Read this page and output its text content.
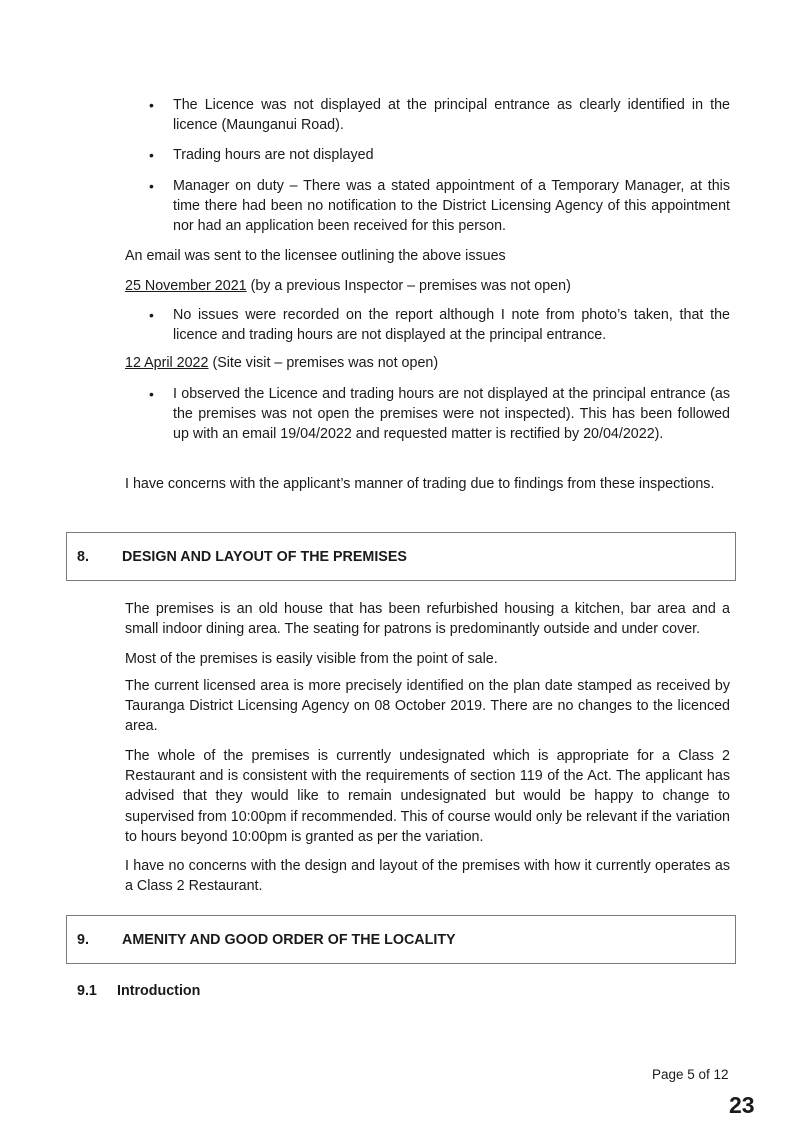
• The Licence was not displayed at the principal entrance as clearly identified in the licence (Maunganui Road).
• Trading hours are not displayed
• Manager on duty – There was a stated appointment of a Temporary Manager, at this time there had been no notification to the District Licensing Agency of this appointment nor had an application been received for this person.

An email was sent to the licensee outlining the above issues

25 November 2021 (by a previous Inspector – premises was not open)

• No issues were recorded on the report although I note from photo’s taken, that the licence and trading hours are not displayed at the principal entrance.

12 April 2022 (Site visit – premises was not open)

• I observed the Licence and trading hours are not displayed at the principal entrance (as the premises was not open the premises were not inspected). This has been followed up with an email 19/04/2022 and requested matter is rectified by 20/04/2022).

I have concerns with the applicant’s manner of trading due to findings from these inspections.

8. DESIGN AND LAYOUT OF THE PREMISES

The premises is an old house that has been refurbished housing a kitchen, bar area and a small indoor dining area. The seating for patrons is predominantly outside and under cover.

Most of the premises is easily visible from the point of sale.

The current licensed area is more precisely identified on the plan date stamped as received by Tauranga District Licensing Agency on 08 October 2019. There are no changes to the licenced area.

The whole of the premises is currently undesignated which is appropriate for a Class 2 Restaurant and is consistent with the requirements of section 119 of the Act. The applicant has advised that they would like to remain undesignated but would be happy to change to supervised from 10:00pm if recommended. This of course would only be relevant if the variation to hours beyond 10:00pm is granted as per the variation.

I have no concerns with the design and layout of the premises with how it currently operates as a Class 2 Restaurant.

9. AMENITY AND GOOD ORDER OF THE LOCALITY
9.1 Introduction
Page 5 of 12
23
